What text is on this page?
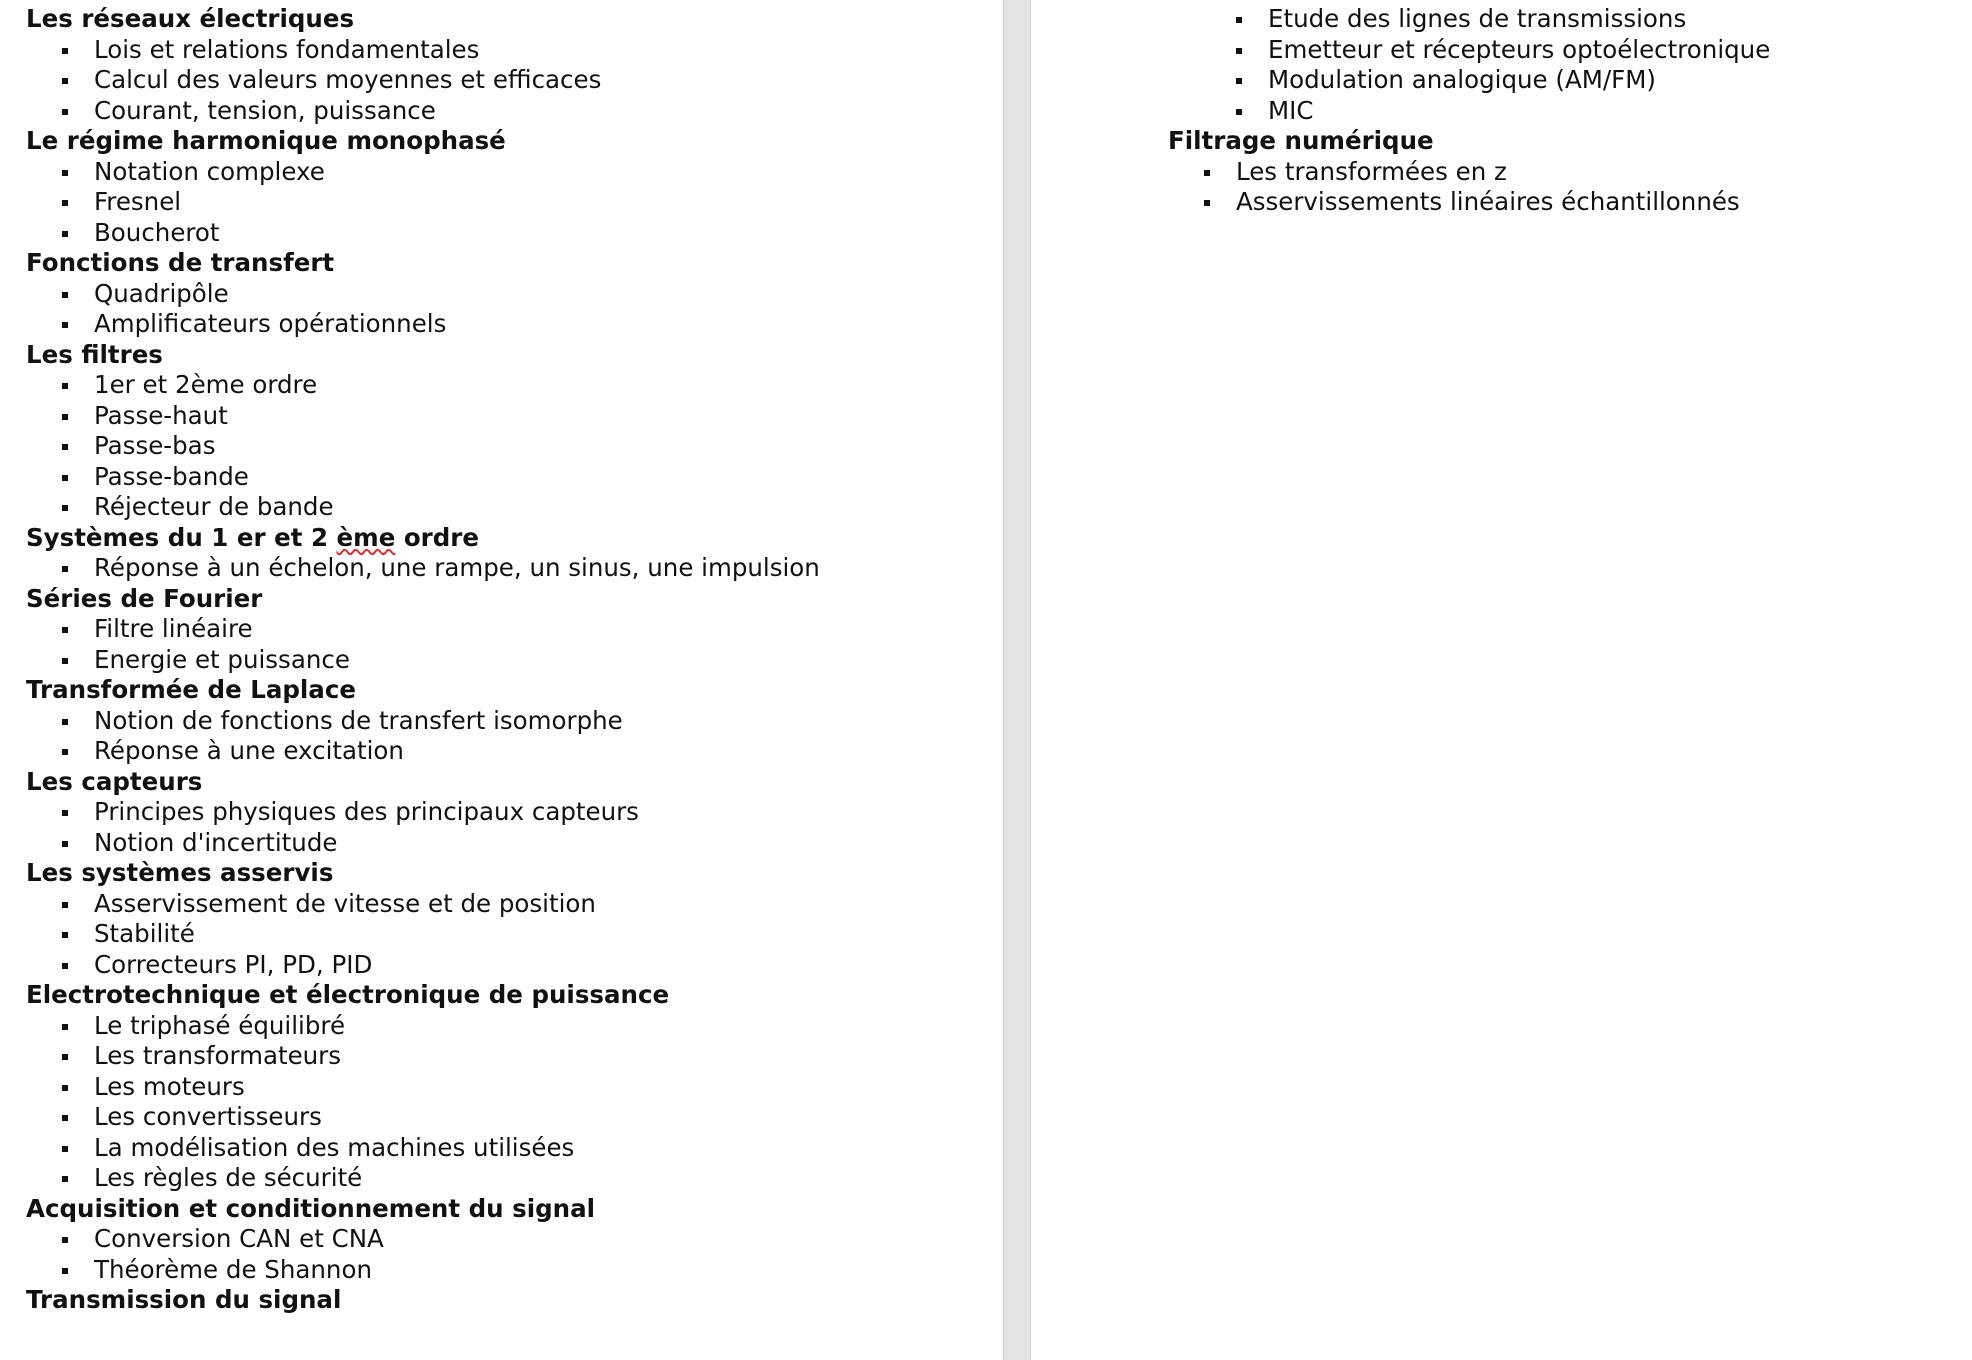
Les réseaux électriques
Lois et relations fondamentales
Calcul des valeurs moyennes et efficaces
Courant, tension, puissance
Le régime harmonique monophasé
Notation complexe
Fresnel
Boucherot
Fonctions de transfert
Quadripôle
Amplificateurs opérationnels
Les filtres
1er et 2ème ordre
Passe-haut
Passe-bas
Passe-bande
Réjecteur de bande
Systèmes du 1 er et 2 ème ordre
Réponse à un échelon, une rampe, un sinus, une impulsion
Séries de Fourier
Filtre linéaire
Energie et puissance
Transformée de Laplace
Notion de fonctions de transfert isomorphe
Réponse à une excitation
Les capteurs
Principes physiques des principaux capteurs
Notion d'incertitude
Les systèmes asservis
Asservissement de vitesse et de position
Stabilité
Correcteurs PI, PD, PID
Electrotechnique et électronique de puissance
Le triphasé équilibré
Les transformateurs
Les moteurs
Les convertisseurs
La modélisation des machines utilisées
Les règles de sécurité
Acquisition et conditionnement du signal
Conversion CAN et CNA
Théorème de Shannon
Transmission du signal
Etude des lignes de transmissions
Emetteur et récepteurs optoélectronique
Modulation analogique (AM/FM)
MIC
Filtrage numérique
Les transformées en z
Asservissements linéaires échantillonnés
